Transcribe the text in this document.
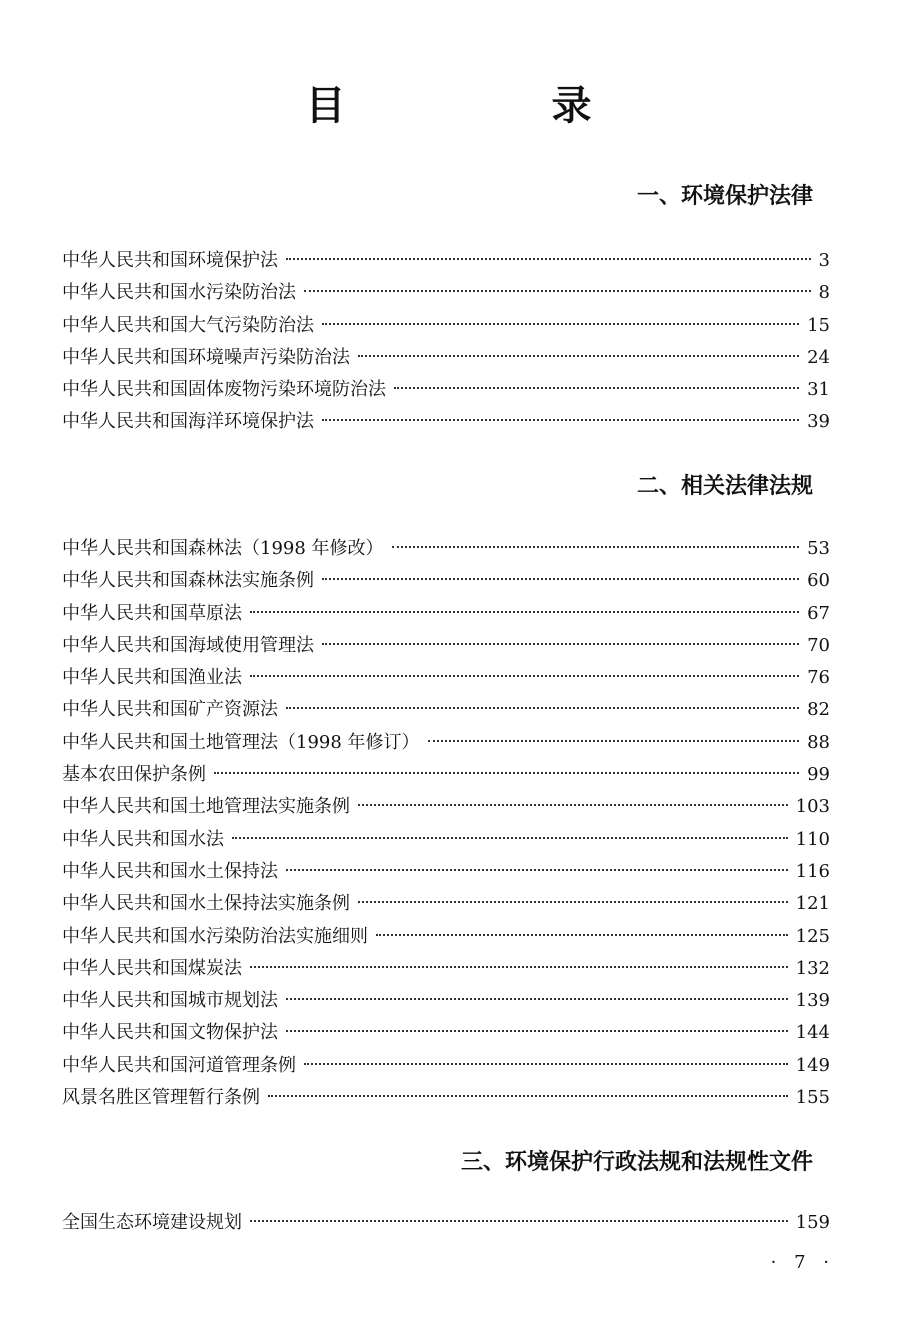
目 录
一、环境保护法律
中华人民共和国环境保护法	3
中华人民共和国水污染防治法	8
中华人民共和国大气污染防治法	15
中华人民共和国环境噪声污染防治法	24
中华人民共和国固体废物污染环境防治法	31
中华人民共和国海洋环境保护法	39
二、相关法律法规
中华人民共和国森林法（1998 年修改）	53
中华人民共和国森林法实施条例	60
中华人民共和国草原法	67
中华人民共和国海域使用管理法	70
中华人民共和国渔业法	76
中华人民共和国矿产资源法	82
中华人民共和国土地管理法（1998 年修订）	88
基本农田保护条例	99
中华人民共和国土地管理法实施条例	103
中华人民共和国水法	110
中华人民共和国水土保持法	116
中华人民共和国水土保持法实施条例	121
中华人民共和国水污染防治法实施细则	125
中华人民共和国煤炭法	132
中华人民共和国城市规划法	139
中华人民共和国文物保护法	144
中华人民共和国河道管理条例	149
风景名胜区管理暂行条例	155
三、环境保护行政法规和法规性文件
全国生态环境建设规划	159
· 7 ·
